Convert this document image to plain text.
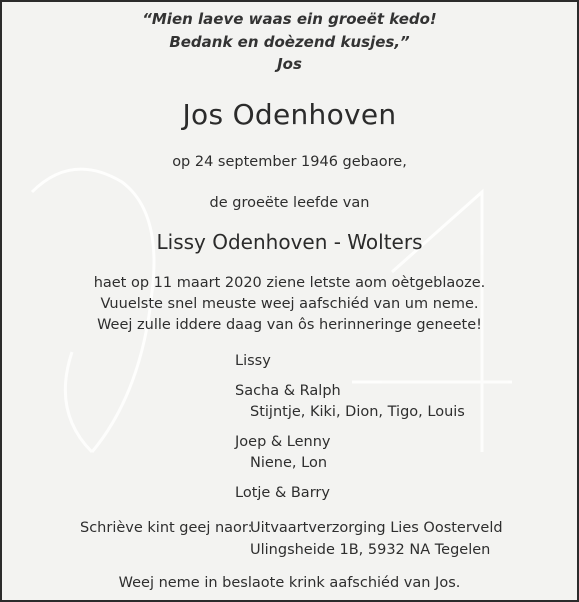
“Mien laeve waas ein groeët kedo!
Bedank en doèzend kusjes,”
Jos
Jos Odenhoven
op 24 september 1946 gebaore,
de groeëte leefde van
Lissy Odenhoven - Wolters
haet op 11 maart 2020 ziene letste aom oètgeblaoze.
Vuuelste snel meuste weej aafschiéd van um neme.
Weej zulle iddere daag van ôs herinneringe geneete!
Lissy
Sacha & Ralph
Stijntje, Kiki, Dion, Tigo, Louis
Joep & Lenny
Niene, Lon
Lotje & Barry
Schriève kint geej naor:
Uitvaartverzorging Lies Oosterveld
Ulingsheide 1B, 5932 NA Tegelen
Weej neme in beslaote krink aafschiéd van Jos.
